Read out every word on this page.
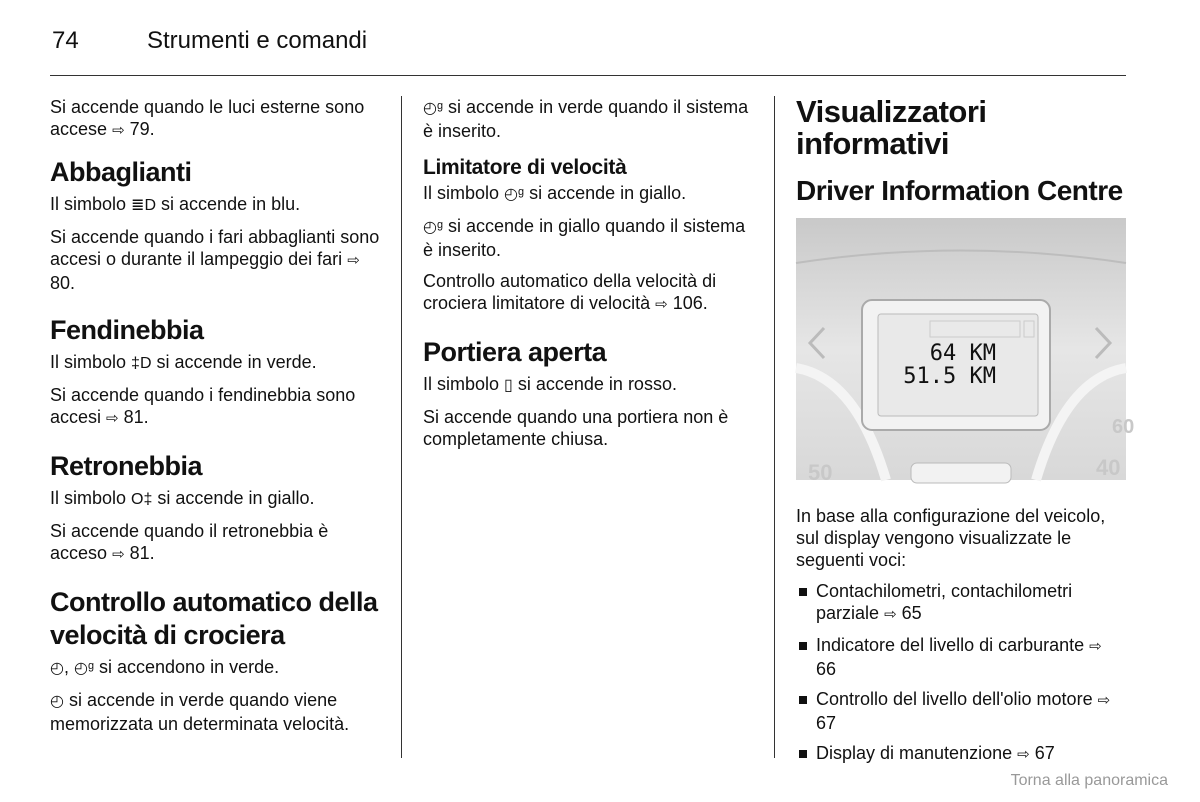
74	Strumenti e comandi

Si accende quando le luci esterne sono accese ⇨ 79.

Abbaglianti

Il simbolo ≣D si accende in blu.

Si accende quando i fari abbaglianti sono accesi o durante il lampeggio dei fari ⇨ 80.

Fendinebbia

Il simbolo ‡D si accende in verde.

Si accende quando i fendinebbia sono accesi ⇨ 81.

Retronebbia

Il simbolo O‡ si accende in giallo.

Si accende quando il retronebbia è acceso ⇨ 81.

Controllo automatico della velocità di crociera

◴, ◴ᵍ si accendono in verde.

◴ si accende in verde quando viene memorizzata un determinata velocità.

◴ᵍ si accende in verde quando il sistema è inserito.

Limitatore di velocità

Il simbolo ◴ᵍ si accende in giallo.

◴ᵍ si accende in giallo quando il sistema è inserito.

Controllo automatico della velocità di crociera limitatore di velocità ⇨ 106.

Portiera aperta

Il simbolo ▯ si accende in rosso.

Si accende quando una portiera non è completamente chiusa.

Visualizzatori informativi
Driver Information Centre
64 KM
51.5 KM
50	40
60

In base alla configurazione del veicolo, sul display vengono visualizzate le seguenti voci:

Contachilometri, contachilometri parziale ⇨ 65
Indicatore del livello di carburante ⇨ 66
Controllo del livello dell'olio motore ⇨ 67
Display di manutenzione ⇨ 67
Torna alla panoramica
